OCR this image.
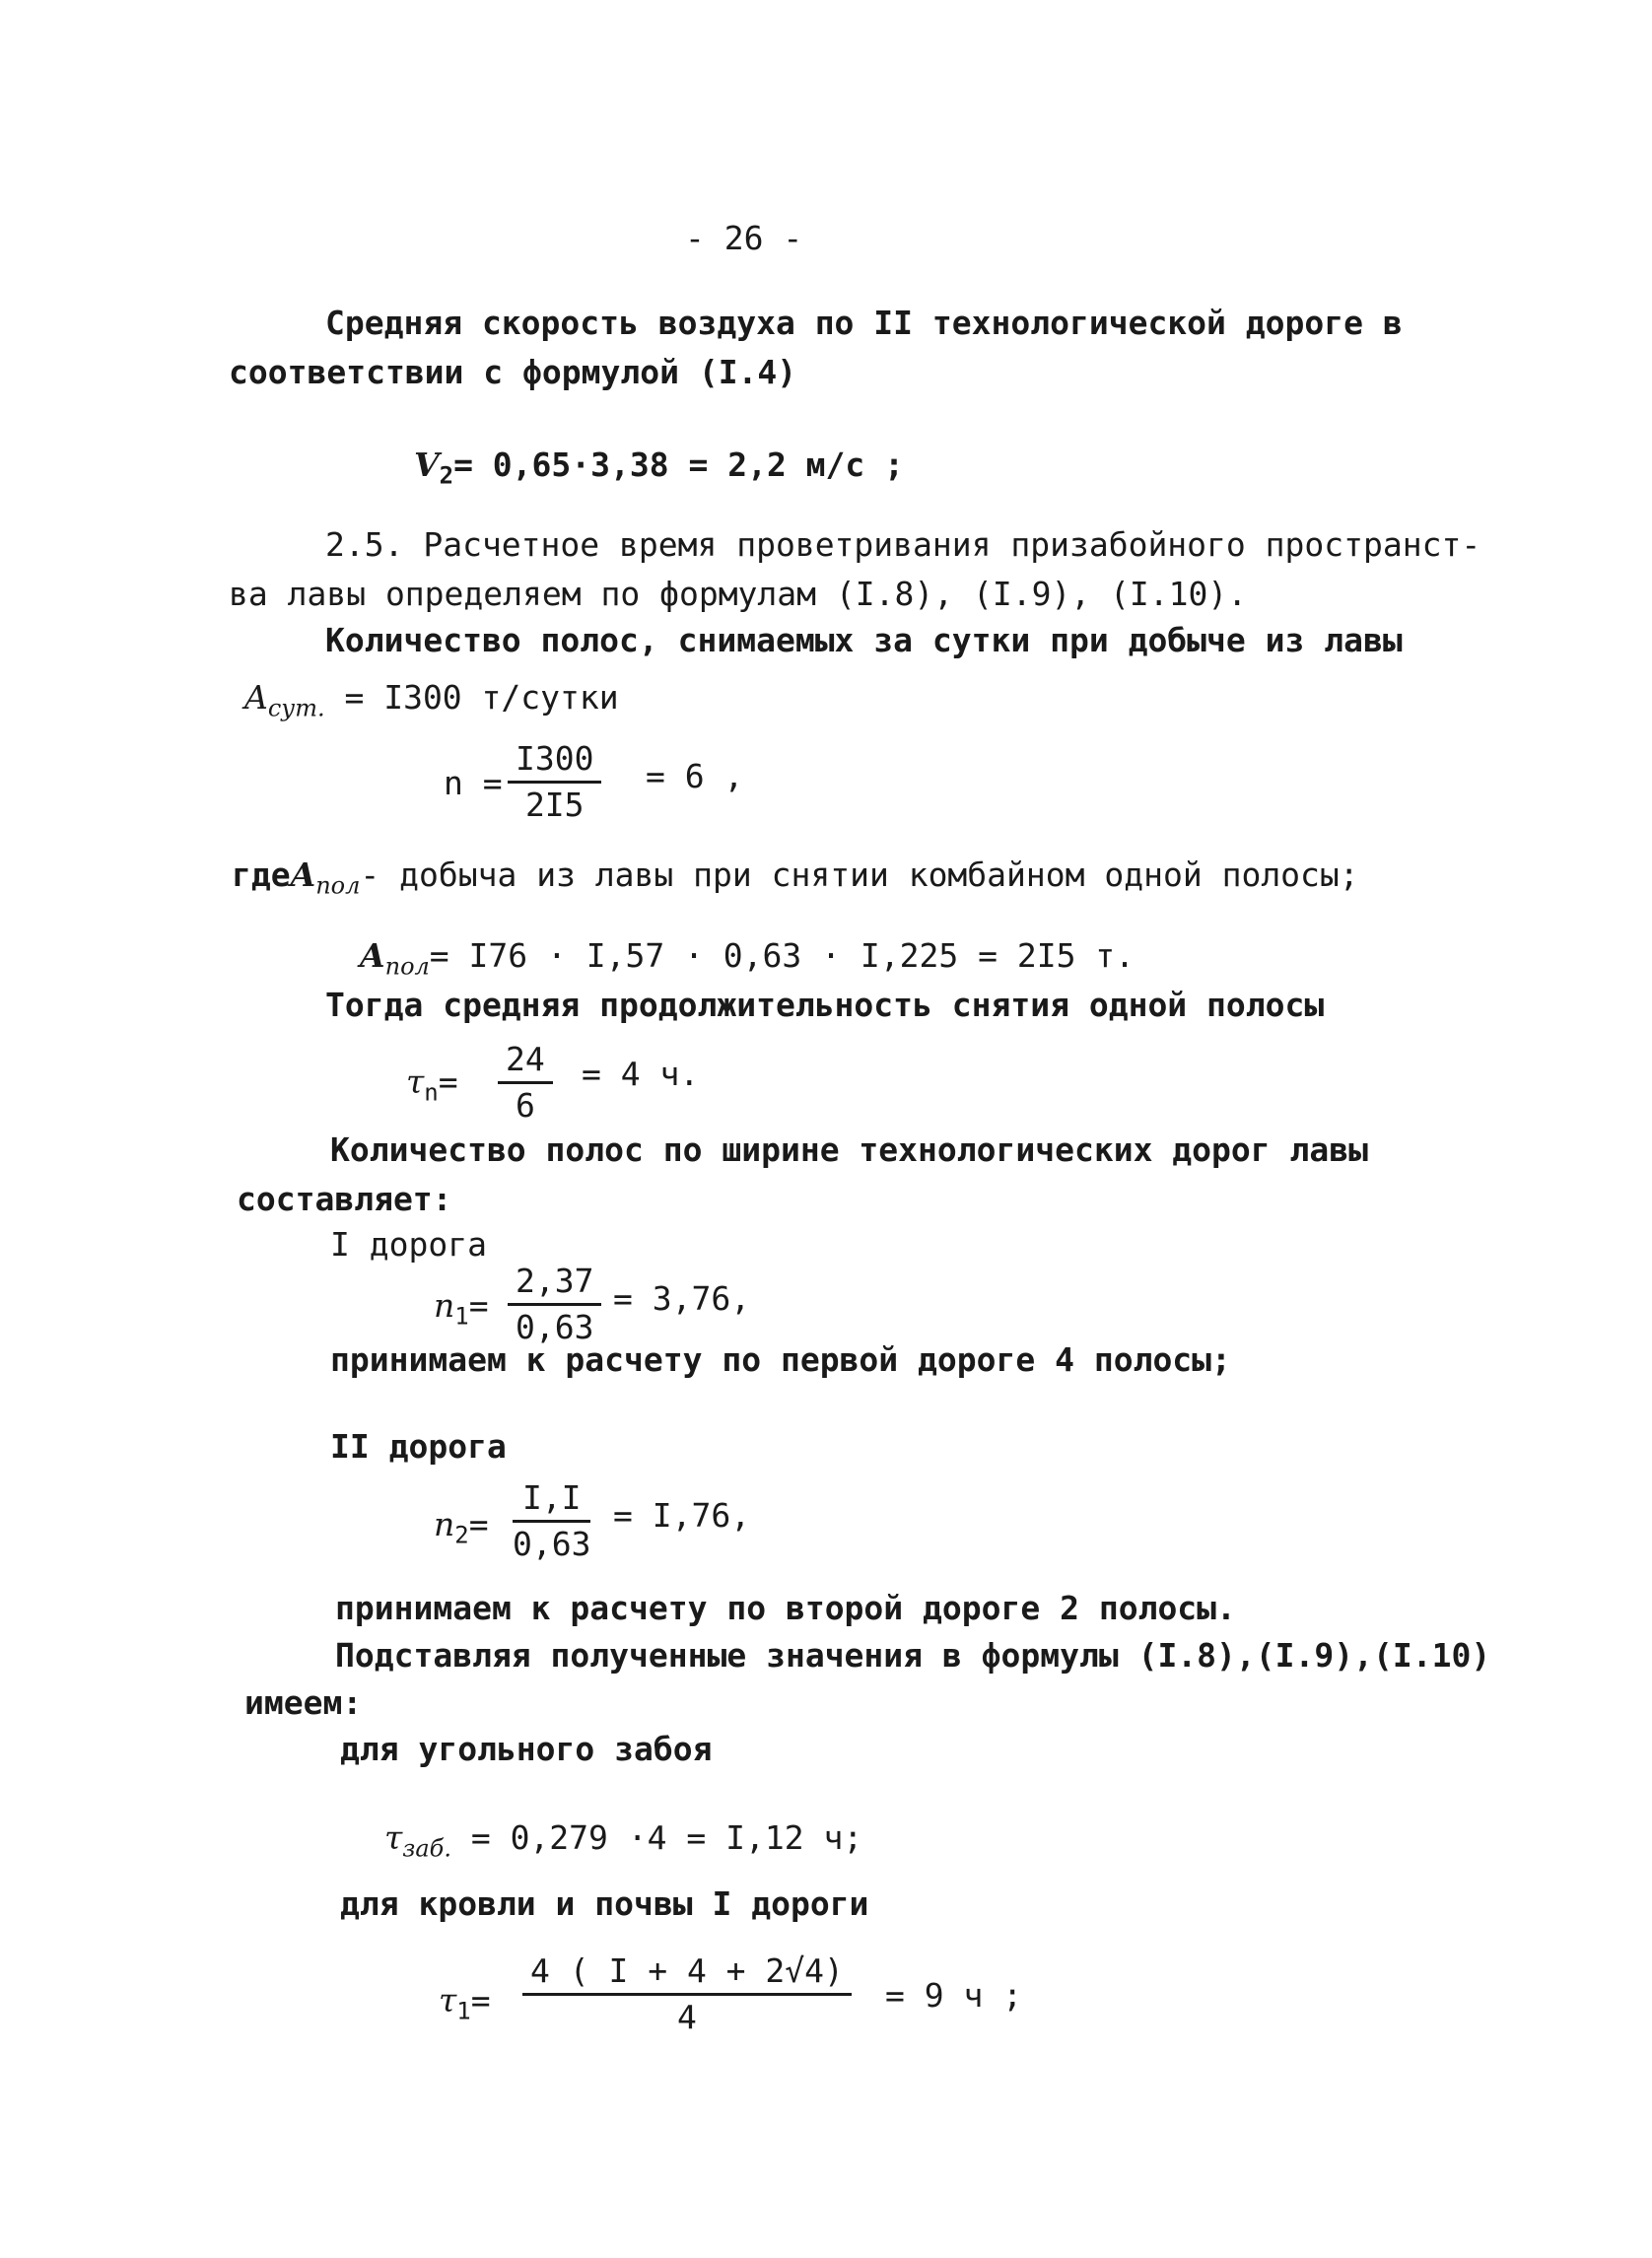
- 26 -
Средняя скорость воздуха по II технологической дороге в
соответствии с формулой (I.4)
$V_2= 0,65\cdot 3,38 = 2,2$ м/с ;
2.5. Расчетное время проветривания призабойного пространст-
ва лавы определяем по формулам (I.8), (I.9), (I.10).
Количество полос, снимаемых за сутки при добыче из лавы
$A_{сут.} = I300$ т/сутки
$n = \frac{I300}{2I5} = 6$ ,
гдеA$_{пол}$- добыча из лавы при снятии комбайном одной полосы;
$A_{пол}= I76 \cdot I,57 \cdot 0,63 \cdot I,225 = 2I5$ т.
Тогда средняя продолжительность снятия одной полосы
$\tau_n= \frac{24}{6} = 4$ ч.
Количество полос по ширине технологических дорог лавы
составляет:
I дорога
$n_1= \frac{2,37}{0,63} = 3,76$,
принимаем к расчету по первой дороге 4 полосы;
II дорога
$n_2= \frac{I,I}{0,63} = I,76$,
принимаем к расчету по второй дороге 2 полосы.
Подставляя полученные значения в формулы (I.8),(I.9),(I.10)
имеем:
для угольного забоя
$\tau_{заб.} = 0,279 \cdot 4 = I,12$ ч;
для кровли и почвы I дороги
$\tau_1= \frac{4 ( I + 4 + 2√4)}{4} = 9$ ч ;
